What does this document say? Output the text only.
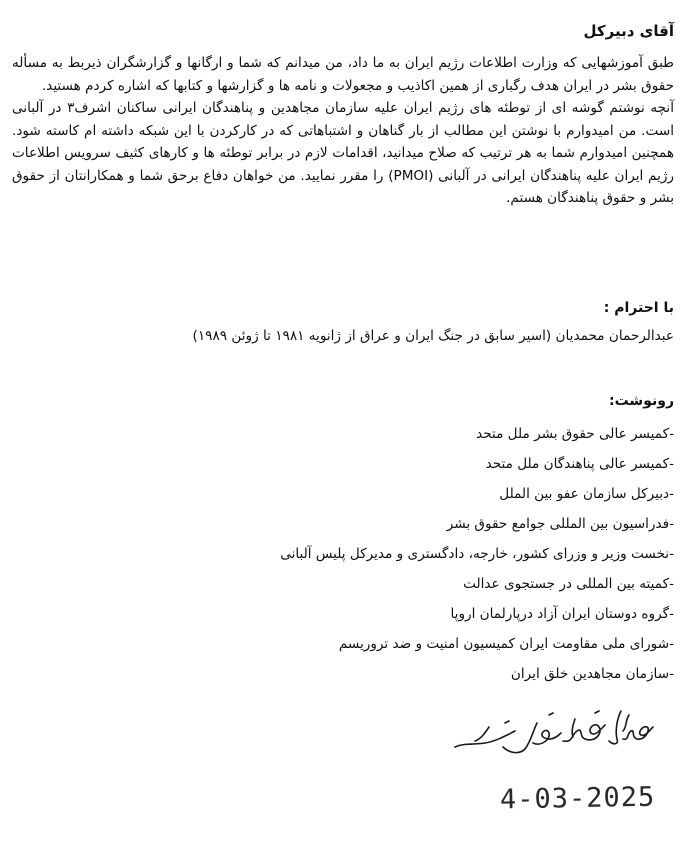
آقای دبیرکل

طبق آموزشهایی که وزارت اطلاعات رژیم ایران به ما داد، من میدانم که شما و ارگانها و گزارشگران ذیربط به مسأله حقوق بشر در ایران هدف رگباری از همین اکاذیب و مجعولات و نامه ها و گزارشها و کتابها که اشاره کردم هستید.

آنچه نوشتم گوشه ای از توطئه های رژیم ایران علیه سازمان مجاهدین و پناهندگان ایرانی ساکنان اشرف۳ در آلبانی است. من امیدوارم با نوشتن این مطالب از بار گناهان و اشتباهاتی که در کارکردن با این شبکه داشته ام کاسته شود. همچنین امیدوارم شما به هر ترتیب که صلاح میدانید، اقدامات لازم در برابر توطئه ها و کارهای کثیف سرویس اطلاعات رژیم ایران علیه پناهندگان ایرانی در آلبانی (PMOI) را مقرر نمایید. من خواهان دفاع برحق شما و همکارانتان از حقوق بشر و حقوق پناهندگان هستم.

با احترام :
عبدالرحمان محمدیان (اسیر سابق در جنگ ایران و عراق از ژانویه ۱۹۸۱ تا ژوئن ۱۹۸۹)
رونوشت:
-کمیسر عالی حقوق بشر ملل متحد
-کمیسر عالی پناهندگان ملل متحد
-دبیرکل سازمان عفو بین الملل
-فدراسیون بین المللی جوامع حقوق بشر
-نخست وزیر و وزرای کشور، خارجه، دادگستری و مدیرکل پلیس آلبانی
-کمیته بین المللی در جستجوی عدالت
-گروه دوستان ایران آزاد درپارلمان اروپا
-شورای ملی مقاومت ایران کمیسیون امنیت و ضد تروریسم
-سازمان مجاهدین خلق ایران
4-03-2025
